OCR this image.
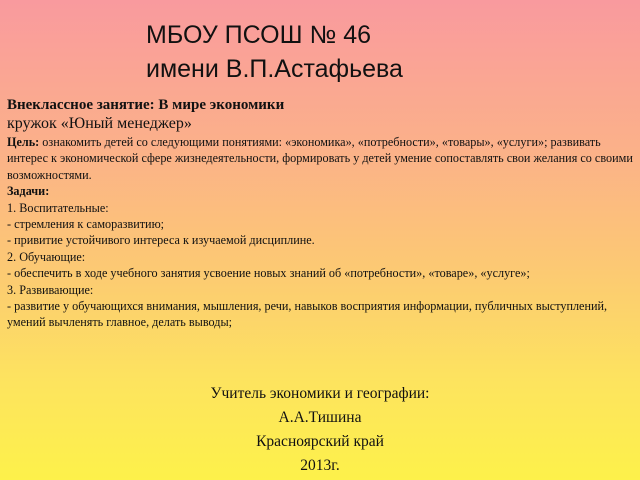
МБОУ ПСОШ № 46
имени В.П.Астафьева
Внеклассное занятие: В мире экономики
кружок «Юный менеджер»
Цель: ознакомить детей со следующими понятиями: «экономика», «потребности», «товары», «услуги»; развивать интерес к экономической сфере жизнедеятельности, формировать у детей умение сопоставлять свои желания со своими возможностями.
Задачи:
1. Воспитательные:
- стремления к саморазвитию;
- привитие устойчивого интереса к изучаемой дисциплине.
2. Обучающие:
- обеспечить в ходе учебного занятия усвоение новых знаний об «потребности», «товаре», «услуге»;
3. Развивающие:
- развитие у обучающихся внимания, мышления, речи, навыков восприятия информации, публичных выступлений, умений вычленять главное, делать выводы;
Учитель экономики и географии:
А.А.Тишина
Красноярский край
2013г.
